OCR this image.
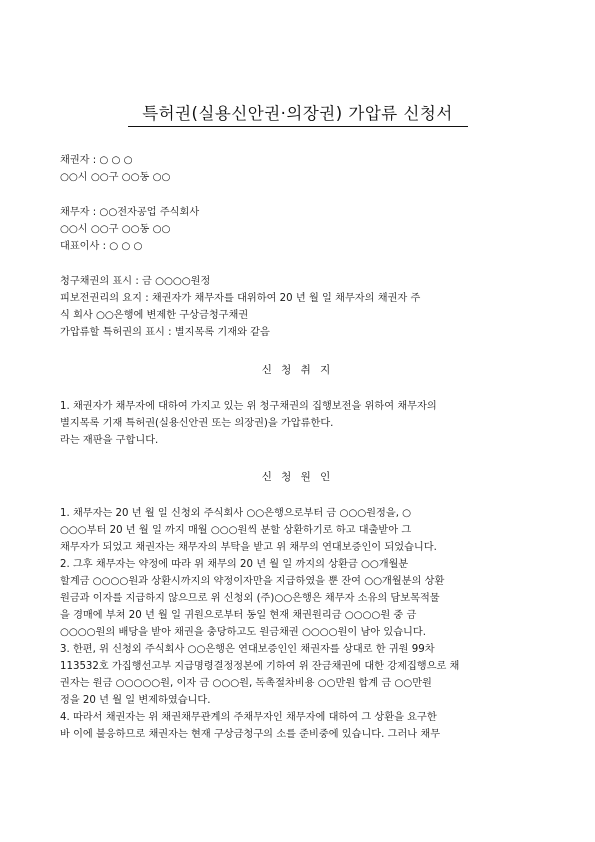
특허권(실용신안권·의장권) 가압류 신청서
채권자 : ○ ○ ○
○○시 ○○구 ○○동 ○○
채무자 : ○○전자공업 주식회사
○○시 ○○구 ○○동 ○○
대표이사 : ○ ○ ○
청구채권의 표시 : 금 ○○○○원정
피보전권리의 요지 : 채권자가 채무자를 대위하여 20 년 월 일 채무자의 채권자 주
식 회사 ○○은행에 변제한 구상금청구채권
가압류할 특허권의 표시 : 별지목록 기재와 같음
신 청 취 지
1. 채권자가 채무자에 대하여 가지고 있는 위 청구채권의 집행보전을 위하여 채무자의
별지목록 기재 특허권(실용신안권 또는 의장권)을 가압류한다.
라는 재판을 구합니다.
신 청 원 인
1. 채무자는 20 년 월 일 신청외 주식회사 ○○은행으로부터 금 ○○○원정을, ○
○○○부터 20 년 월 일 까지 매월 ○○○원씩 분할 상환하기로 하고 대출받아 그
채무자가 되었고 채권자는 채무자의 부탁을 받고 위 채무의 연대보증인이 되었습니다.
2. 그후 채무자는 약정에 따라 위 채무의 20 년 월 일 까지의 상환금 ○○개월분
할계금 ○○○○원과 상환시까지의 약정이자만을 지급하였을 뿐 잔여 ○○개월분의 상환
원금과 이자를 지급하지 않으므로 위 신청외 (주)○○은행은 채무자 소유의 담보목적물
을 경매에 부쳐 20 년 월 일 귀원으로부터 동일 현재 채권원리금 ○○○○원 중 금
○○○○원의 배당을 받아 채권을 충당하고도 원금채권 ○○○○원이 남아 있습니다.
3. 한편, 위 신청외 주식회사 ○○은행은 연대보증인인 채권자를 상대로 한 귀원 99차
113532호 가집행선고부 지급명령결정정본에 기하여 위 잔금채권에 대한 강제집행으로 채
권자는 원금 ○○○○○원, 이자 금 ○○○원, 독촉절차비용 ○○만원 합계 금 ○○만원
정을 20 년 월 일 변제하였습니다.
4. 따라서 채권자는 위 채권채무관계의 주채무자인 채무자에 대하여 그 상환을 요구한
바 이에 불응하므로 채권자는 현재 구상금청구의 소를 준비중에 있습니다. 그러나 채무
